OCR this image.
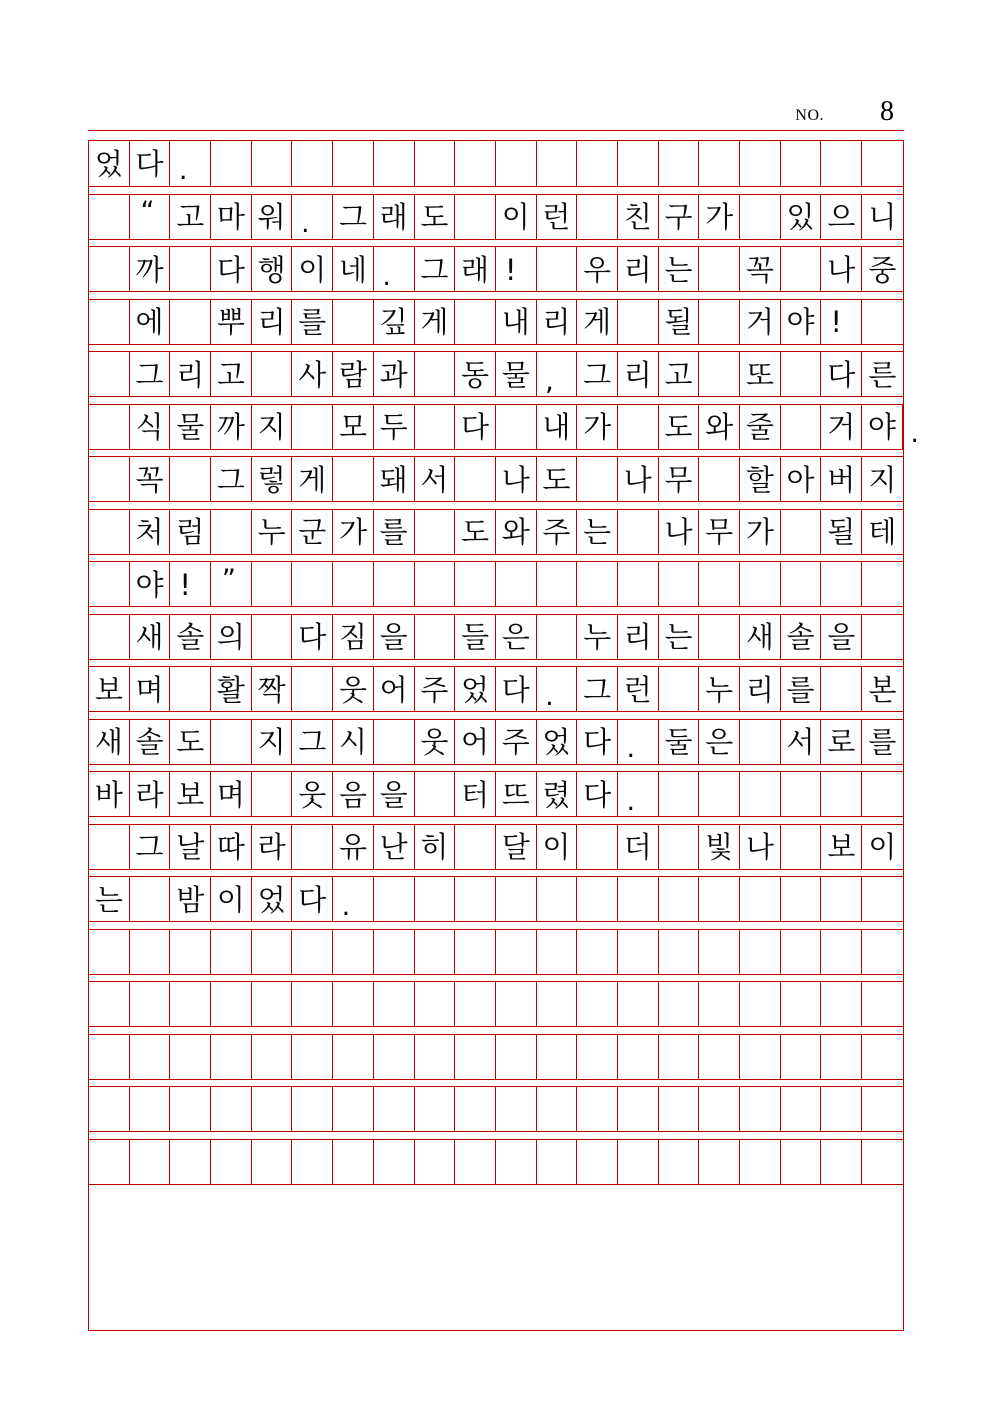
NO.	8
었 다 .
“ 고 마 워 . 그 래 도 이 런 친 구 가 있 으 니
까 다 행 이 네 . 그 래 ! 우 리 는 꼭 나 중
에 뿌 리 를 깊 게 내 리 게 될 거 야 !
그 리 고 사 람 과 동 물 , 그 리 고 또 다 른
식 물 까 지 모 두 다 내 가 도 와 줄 거 야 .
꼭 그 렇 게 돼 서 나 도 나 무 할 아 버 지
처 럼 누 군 가 를 도 와 주 는 나 무 가 될 테
야 ! ”
새 솔 의 다 짐 을 들 은 누 리 는 새 솔 을
보 며 활 짝 웃 어 주 었 다 . 그 런 누 리 를 본
새 솔 도 지 그 시 웃 어 주 었 다 . 둘 은 서 로 를
바 라 보 며 웃 음 을 터 뜨 렸 다 .
그 날 따 라 유 난 히 달 이 더 빛 나 보 이
는 밤 이 었 다 .
